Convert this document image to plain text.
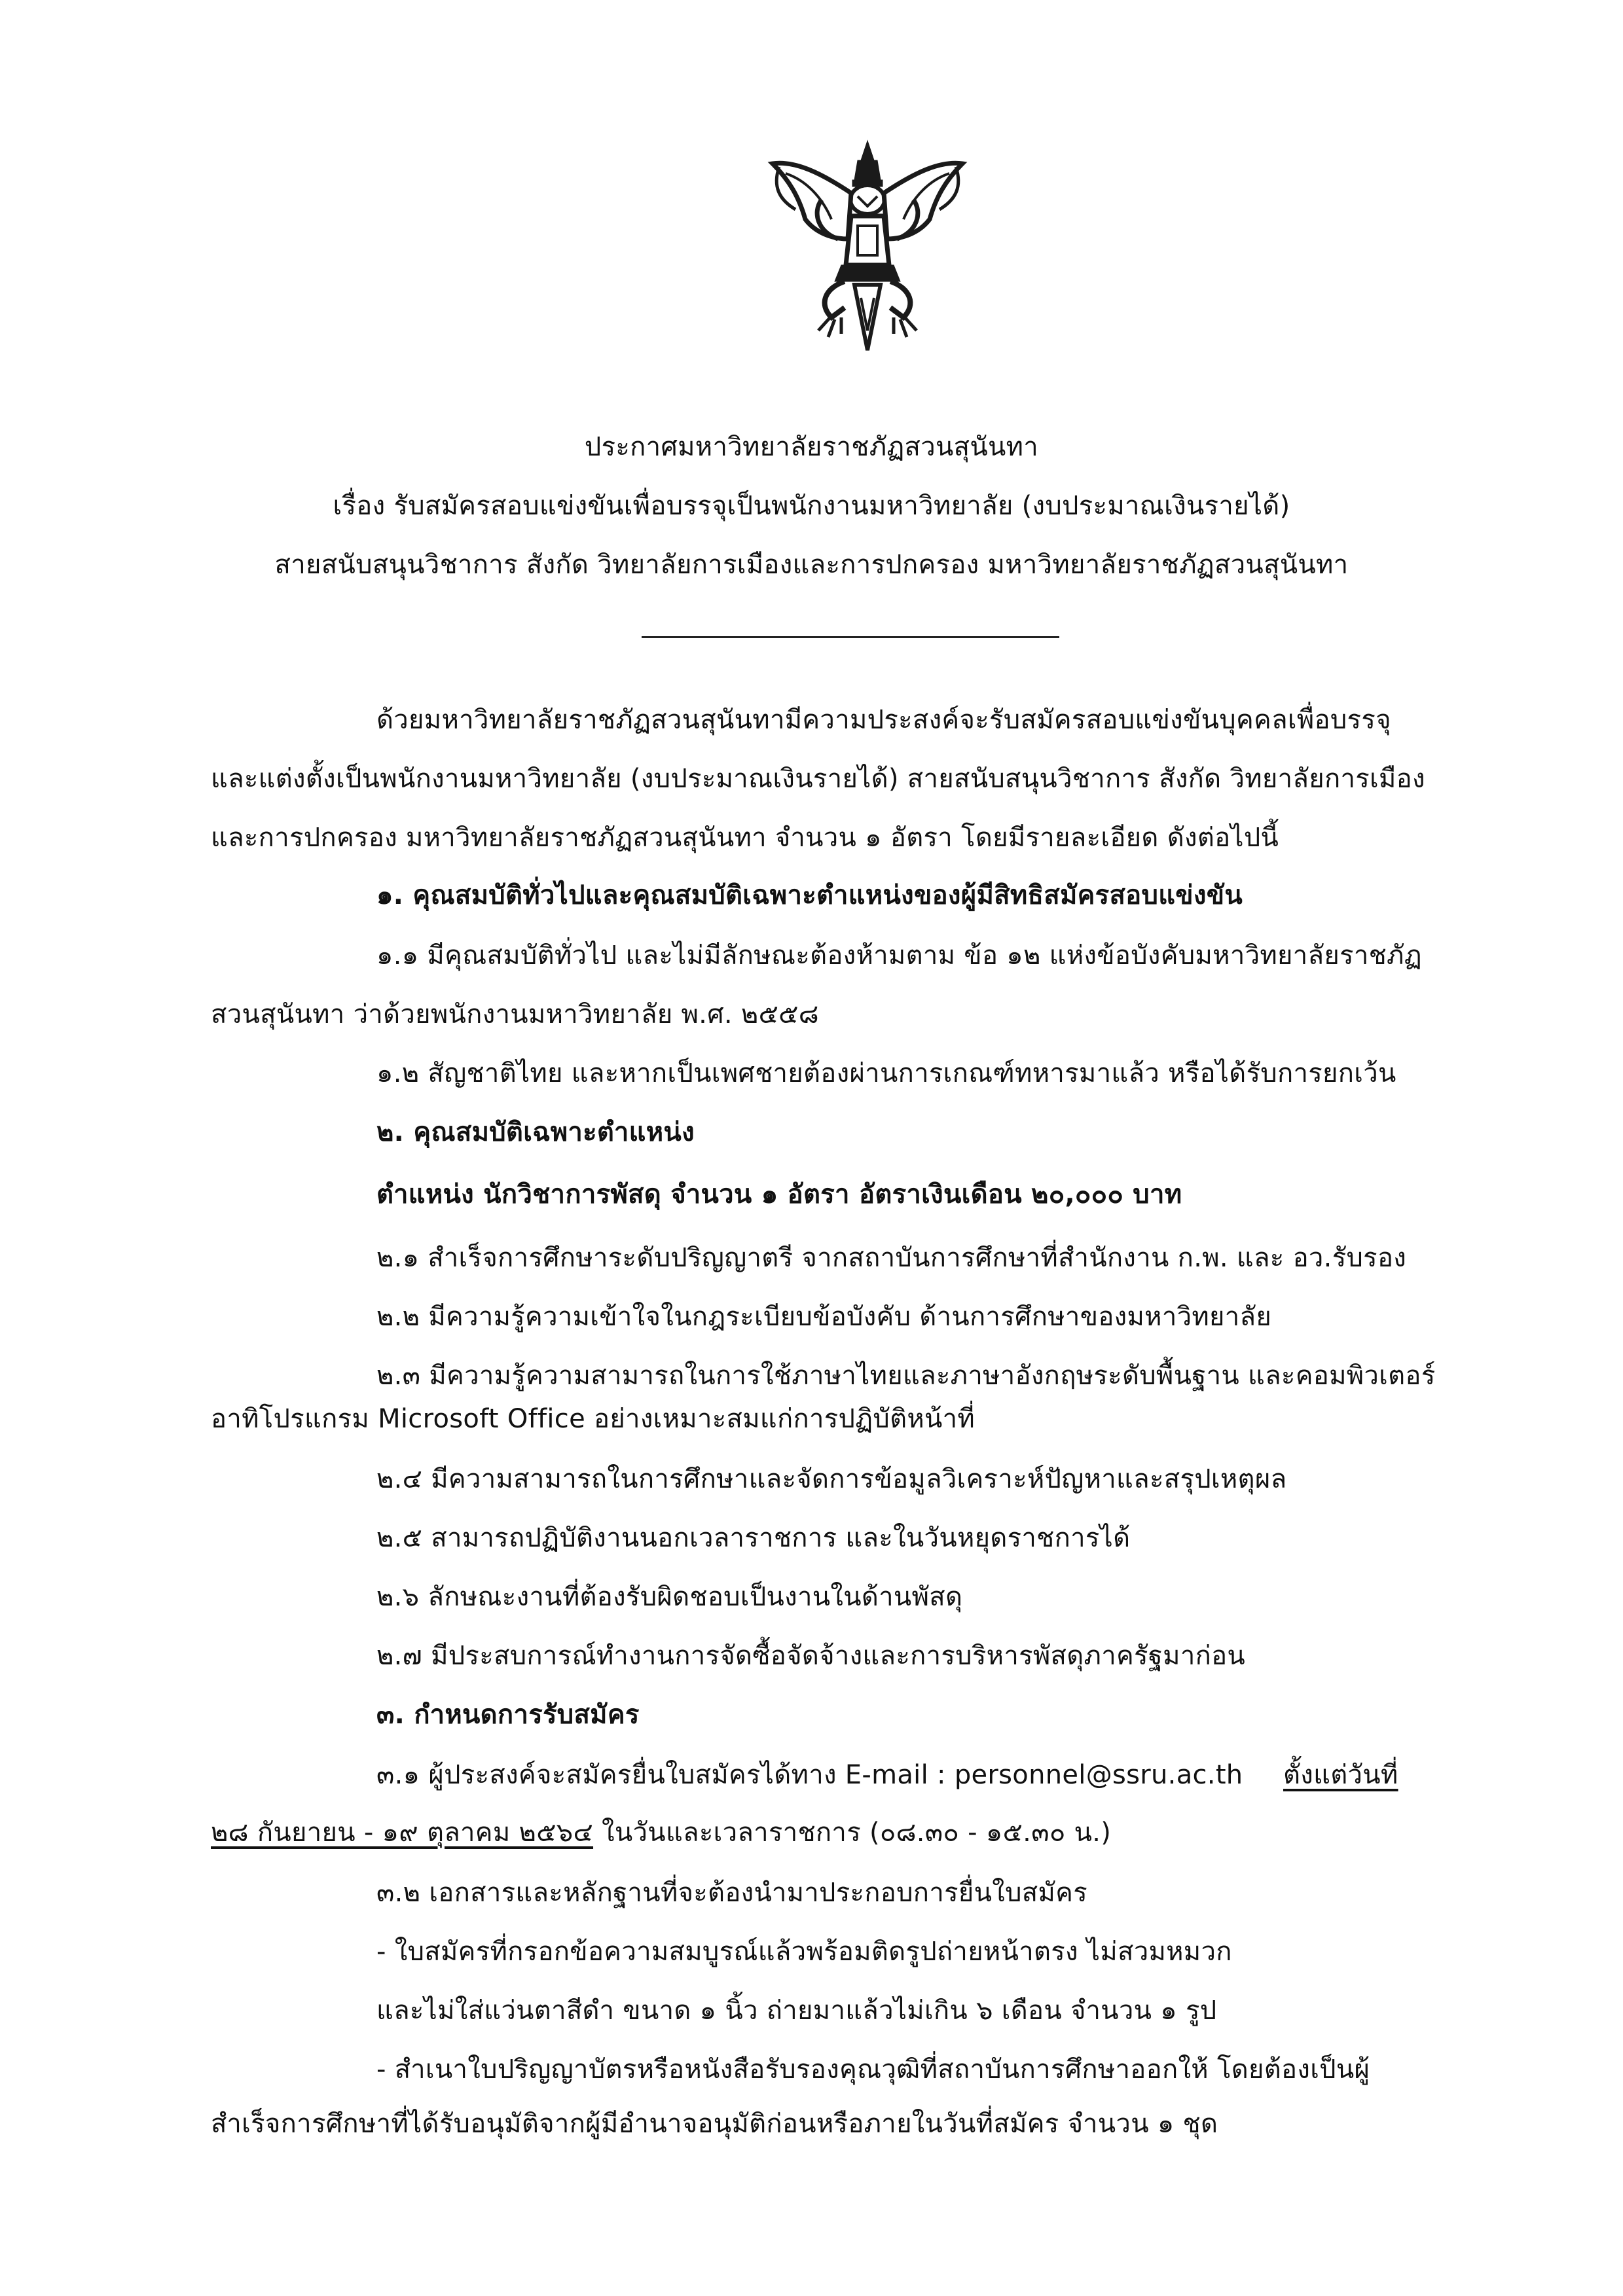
ประกาศมหาวิทยาลัยราชภัฏสวนสุนันทา
เรื่อง รับสมัครสอบแข่งขันเพื่อบรรจุเป็นพนักงานมหาวิทยาลัย (งบประมาณเงินรายได้)
สายสนับสนุนวิชาการ สังกัด วิทยาลัยการเมืองและการปกครอง มหาวิทยาลัยราชภัฏสวนสุนันทา
ด้วยมหาวิทยาลัยราชภัฏสวนสุนันทามีความประสงค์จะรับสมัครสอบแข่งขันบุคคลเพื่อบรรจุ
และแต่งตั้งเป็นพนักงานมหาวิทยาลัย (งบประมาณเงินรายได้) สายสนับสนุนวิชาการ สังกัด วิทยาลัยการเมือง
และการปกครอง มหาวิทยาลัยราชภัฏสวนสุนันทา จำนวน ๑ อัตรา โดยมีรายละเอียด ดังต่อไปนี้
๑. คุณสมบัติทั่วไปและคุณสมบัติเฉพาะตำแหน่งของผู้มีสิทธิสมัครสอบแข่งขัน
๑.๑ มีคุณสมบัติทั่วไป และไม่มีลักษณะต้องห้ามตาม ข้อ ๑๒ แห่งข้อบังคับมหาวิทยาลัยราชภัฏ
สวนสุนันทา ว่าด้วยพนักงานมหาวิทยาลัย พ.ศ. ๒๕๕๘
๑.๒ สัญชาติไทย และหากเป็นเพศชายต้องผ่านการเกณฑ์ทหารมาแล้ว หรือได้รับการยกเว้น
๒. คุณสมบัติเฉพาะตำแหน่ง
ตำแหน่ง นักวิชาการพัสดุ จำนวน ๑ อัตรา อัตราเงินเดือน ๒๐,๐๐๐ บาท
๒.๑ สำเร็จการศึกษาระดับปริญญาตรี จากสถาบันการศึกษาที่สำนักงาน ก.พ. และ อว.รับรอง
๒.๒ มีความรู้ความเข้าใจในกฎระเบียบข้อบังคับ ด้านการศึกษาของมหาวิทยาลัย
๒.๓ มีความรู้ความสามารถในการใช้ภาษาไทยและภาษาอังกฤษระดับพื้นฐาน และคอมพิวเตอร์
อาทิโปรแกรม Microsoft Office อย่างเหมาะสมแก่การปฏิบัติหน้าที่
๒.๔ มีความสามารถในการศึกษาและจัดการข้อมูลวิเคราะห์ปัญหาและสรุปเหตุผล
๒.๕ สามารถปฏิบัติงานนอกเวลาราชการ และในวันหยุดราชการได้
๒.๖ ลักษณะงานที่ต้องรับผิดชอบเป็นงานในด้านพัสดุ
๒.๗ มีประสบการณ์ทำงานการจัดซื้อจัดจ้างและการบริหารพัสดุภาครัฐมาก่อน
๓. กำหนดการรับสมัคร
๓.๑ ผู้ประสงค์จะสมัครยื่นใบสมัครได้ทาง E-mail : personnel@ssru.ac.th ตั้งแต่วันที่
๒๘ กันยายน - ๑๙ ตุลาคม ๒๕๖๔ ในวันและเวลาราชการ (๐๘.๓๐ - ๑๕.๓๐ น.)
๓.๒ เอกสารและหลักฐานที่จะต้องนำมาประกอบการยื่นใบสมัคร
- ใบสมัครที่กรอกข้อความสมบูรณ์แล้วพร้อมติดรูปถ่ายหน้าตรง ไม่สวมหมวก
และไม่ใส่แว่นตาสีดำ ขนาด ๑ นิ้ว ถ่ายมาแล้วไม่เกิน ๖ เดือน จำนวน ๑ รูป
- สำเนาใบปริญญาบัตรหรือหนังสือรับรองคุณวุฒิที่สถาบันการศึกษาออกให้ โดยต้องเป็นผู้
สำเร็จการศึกษาที่ได้รับอนุมัติจากผู้มีอำนาจอนุมัติก่อนหรือภายในวันที่สมัคร จำนวน ๑ ชุด
